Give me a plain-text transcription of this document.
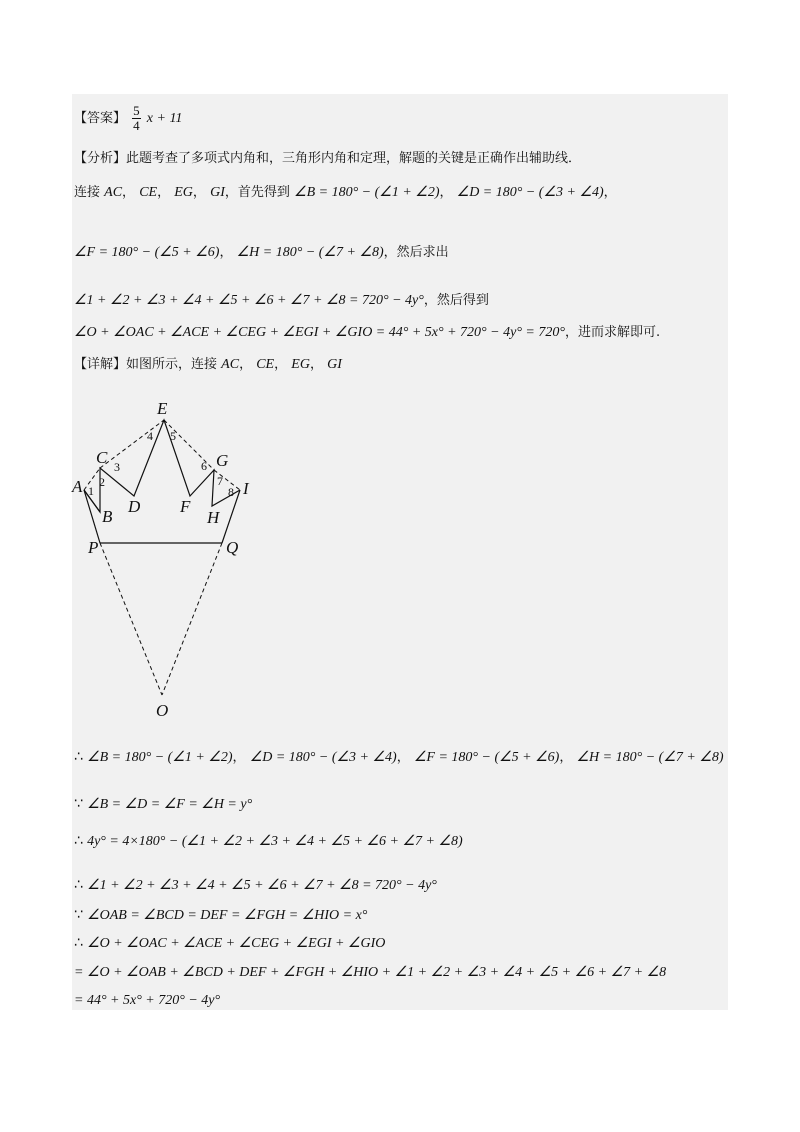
【答案】 $\frac{5}{4}$ x + 11
【分析】此题考查了多项式内角和，三角形内角和定理，解题的关键是正确作出辅助线．
连接 AC， CE， EG， GI，首先得到 ∠B = 180° − (∠1 + ∠2)， ∠D = 180° − (∠3 + ∠4)，
∠F = 180° − (∠5 + ∠6)， ∠H = 180° − (∠7 + ∠8)，然后求出
∠1 + ∠2 + ∠3 + ∠4 + ∠5 + ∠6 + ∠7 + ∠8 = 720° − 4y°，然后得到
∠O + ∠OAC + ∠ACE + ∠CEG + ∠EGI + ∠GIO = 44° + 5x° + 720° − 4y° = 720°，进而求解即可.
【详解】如图所示，连接 AC， CE， EG， GI
E
C	G
A	I
B
D F
H
P	Q
O
1
2
3
4 5
6
7
8
∴ ∠B = 180° − (∠1 + ∠2)， ∠D = 180° − (∠3 + ∠4)， ∠F = 180° − (∠5 + ∠6)， ∠H = 180° − (∠7 + ∠8)
∵ ∠B = ∠D = ∠F = ∠H = y°
∴ 4y° = 4×180° − (∠1 + ∠2 + ∠3 + ∠4 + ∠5 + ∠6 + ∠7 + ∠8)
∴ ∠1 + ∠2 + ∠3 + ∠4 + ∠5 + ∠6 + ∠7 + ∠8 = 720° − 4y°
∵ ∠OAB = ∠BCD = DEF = ∠FGH = ∠HIO = x°
∴ ∠O + ∠OAC + ∠ACE + ∠CEG + ∠EGI + ∠GIO
= ∠O + ∠OAB + ∠BCD + DEF + ∠FGH + ∠HIO + ∠1 + ∠2 + ∠3 + ∠4 + ∠5 + ∠6 + ∠7 + ∠8
= 44° + 5x° + 720° − 4y°
